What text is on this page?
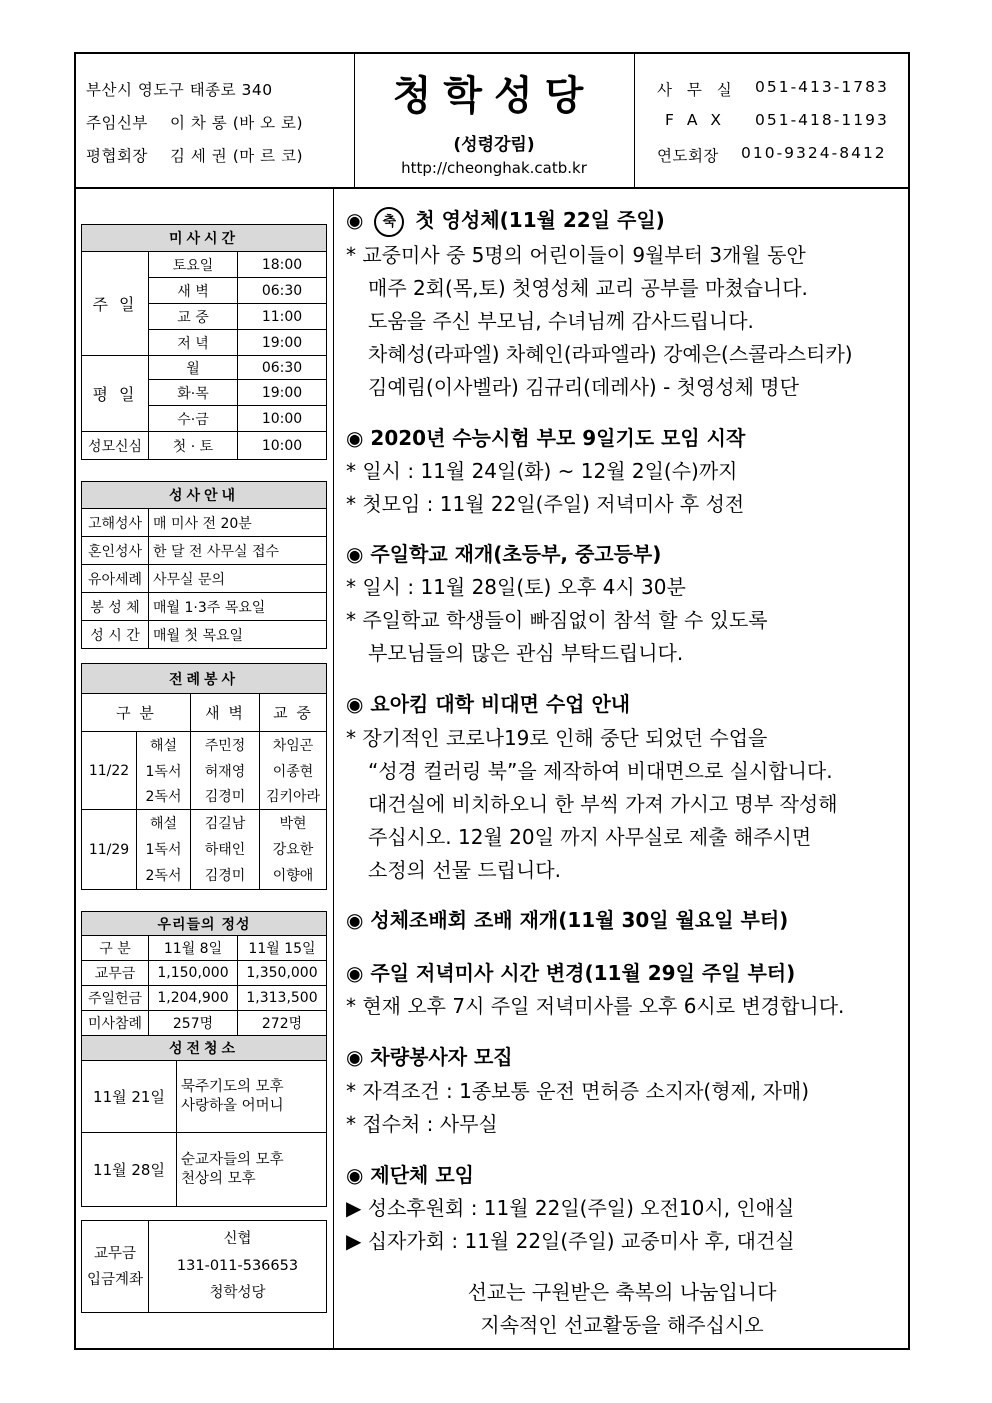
부산시 영도구 태종로 340
주임신부 이 차 롱 (바 오 로)
평협회장 김 세 권 (마 르 코)
청학성당
(성령강림)
http://cheonghak.catb.kr
사 무 실 051-413-1783
F A X 051-418-1193
연도회장 010-9324-8412
미사시간		
주 일	토요일	18:00
	새 벽	06:30
	교 중	11:00
	저 녁	19:00
평 일	월	06:30
	화·목	19:00
	수·금	10:00
성모신심	첫 · 토	10:00
성사안내	
고해성사	매 미사 전 20분
혼인성사	한 달 전 사무실 접수
유아세례	사무실 문의
봉 성 체	매월 1·3주 목요일
성 시 간	매월 첫 목요일
전례봉사			
구 분		새 벽	교 중
11/22	해설	주민정	차임곤
	1독서	허재영	이종현
	2독서	김경미	김키아라
11/29	해설	김길남	박현
	1독서	하태인	강요한
	2독서	김경미	이향애
우리들의 정성		
구 분	11월 8일	11월 15일
교무금	1,150,000	1,350,000
주일헌금	1,204,900	1,313,500
미사참례	257명	272명
성전청소	
11월 21일	묵주기도의 모후
사랑하올 어머니

11월 28일	순교자들의 모후
천상의 모후
교무금
입금계좌

신협
131-011-536653
청학성당
◉ 축 첫 영성체(11월 22일 주일)
* 교중미사 중 5명의 어린이들이 9월부터 3개월 동안
매주 2회(목,토) 첫영성체 교리 공부를 마쳤습니다.
도움을 주신 부모님, 수녀님께 감사드립니다.
차혜성(라파엘) 차혜인(라파엘라) 강예은(스콜라스티카)
김예림(이사벨라) 김규리(데레사) - 첫영성체 명단
◉ 2020년 수능시험 부모 9일기도 모임 시작
* 일시 : 11월 24일(화) ~ 12월 2일(수)까지
* 첫모임 : 11월 22일(주일) 저녁미사 후 성전
◉ 주일학교 재개(초등부, 중고등부)
* 일시 : 11월 28일(토) 오후 4시 30분
* 주일학교 학생들이 빠짐없이 참석 할 수 있도록
부모님들의 많은 관심 부탁드립니다.
◉ 요아킴 대학 비대면 수업 안내
* 장기적인 코로나19로 인해 중단 되었던 수업을
“성경 컬러링 북”을 제작하여 비대면으로 실시합니다.
대건실에 비치하오니 한 부씩 가져 가시고 명부 작성해
주십시오. 12월 20일 까지 사무실로 제출 해주시면
소정의 선물 드립니다.
◉ 성체조배회 조배 재개(11월 30일 월요일 부터)
◉ 주일 저녁미사 시간 변경(11월 29일 주일 부터)
* 현재 오후 7시 주일 저녁미사를 오후 6시로 변경합니다.
◉ 차량봉사자 모집
* 자격조건 : 1종보통 운전 면허증 소지자(형제, 자매)
* 접수처 : 사무실
◉ 제단체 모임
▶ 성소후원회 : 11월 22일(주일) 오전10시, 인애실
▶ 십자가회 : 11월 22일(주일) 교중미사 후, 대건실
선교는 구원받은 축복의 나눔입니다
지속적인 선교활동을 해주십시오
